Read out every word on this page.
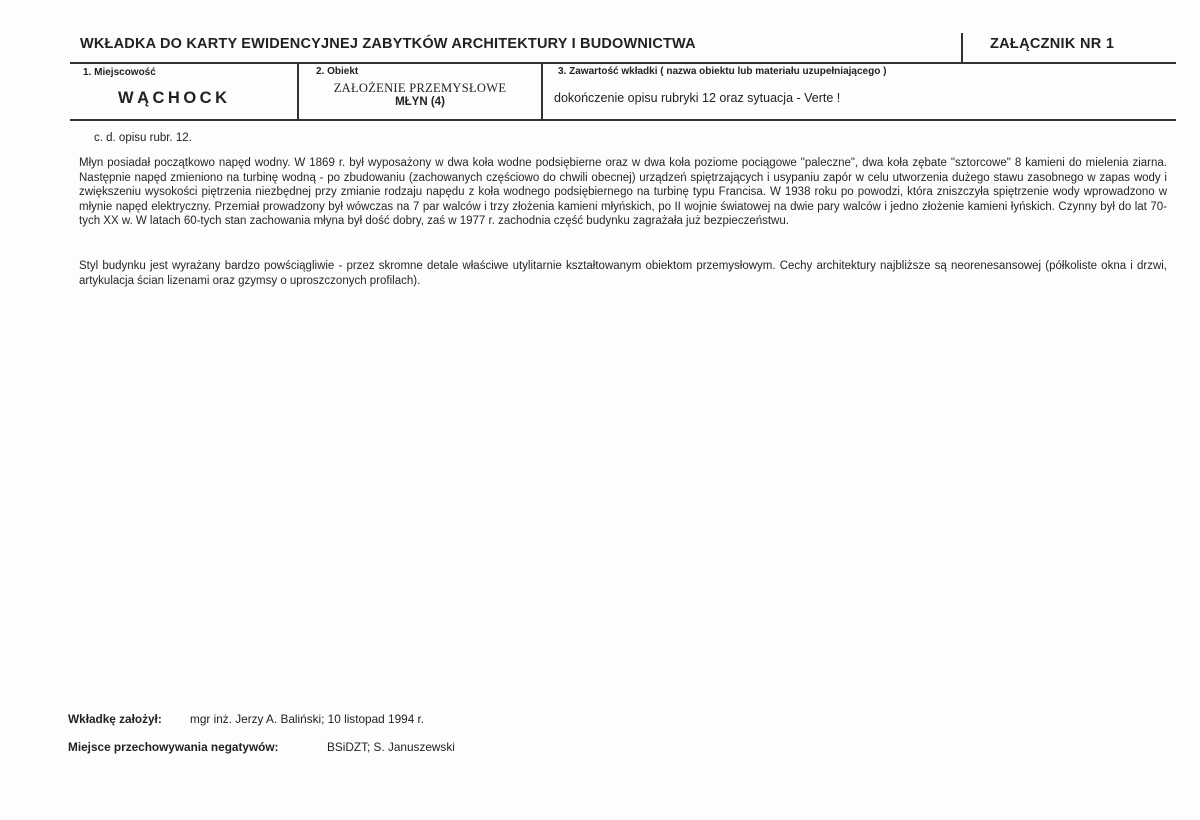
WKŁADKA DO KARTY EWIDENCYJNEJ ZABYTKÓW ARCHITEKTURY I BUDOWNICTWA	ZAŁĄCZNIK NR 1
1. Miejscowość
WĄCHOCK
2. Obiekt
ZAŁOŻENIE PRZEMYSŁOWE
MŁYN (4)
3. Zawartość wkładki ( nazwa obiektu lub materiału uzupełniającego )
dokończenie opisu rubryki 12 oraz sytuacja - Verte !
c. d. opisu rubr. 12.
Młyn posiadał początkowo napęd wodny. W 1869 r. był wyposażony w dwa koła wodne podsiębierne oraz w dwa koła poziome pociągowe "paleczne", dwa koła zębate "sztorcowe" 8 kamieni do mielenia ziarna. Następnie napęd zmieniono na turbinę wodną - po zbudowaniu (zachowanych częściowo do chwili obecnej) urządzeń spiętrzających i usypaniu zapór w celu utworzenia dużego stawu zasobnego w zapas wody i zwiększeniu wysokości piętrzenia niezbędnej przy zmianie rodzaju napędu z koła wodnego podsiębiernego na turbinę typu Francisa. W 1938 roku po powodzi, która zniszczyła spiętrzenie wody wprowadzono w młynie napęd elektryczny. Przemiał prowadzony był wówczas na 7 par walców i trzy złożenia kamieni młyńskich, po II wojnie światowej na dwie pary walców i jedno złożenie kamieni łyńskich. Czynny był do lat 70-tych XX w. W latach 60-tych stan zachowania młyna był dość dobry, zaś w 1977 r. zachodnia część budynku zagrażała już bezpieczeństwu.
Styl budynku jest wyrażany bardzo powściągliwie - przez skromne detale właściwe utylitarnie kształtowanym obiektom przemysłowym. Cechy architektury najbliższe są neorenesansowej (półkoliste okna i drzwi, artykulacja ścian lizenami oraz gzymsy o uproszczonych profilach).
Wkładkę założył: mgr inż. Jerzy A. Baliński; 10 listopad 1994 r.
Miejsce przechowywania negatywów:	BSiDZT; S. Januszewski
